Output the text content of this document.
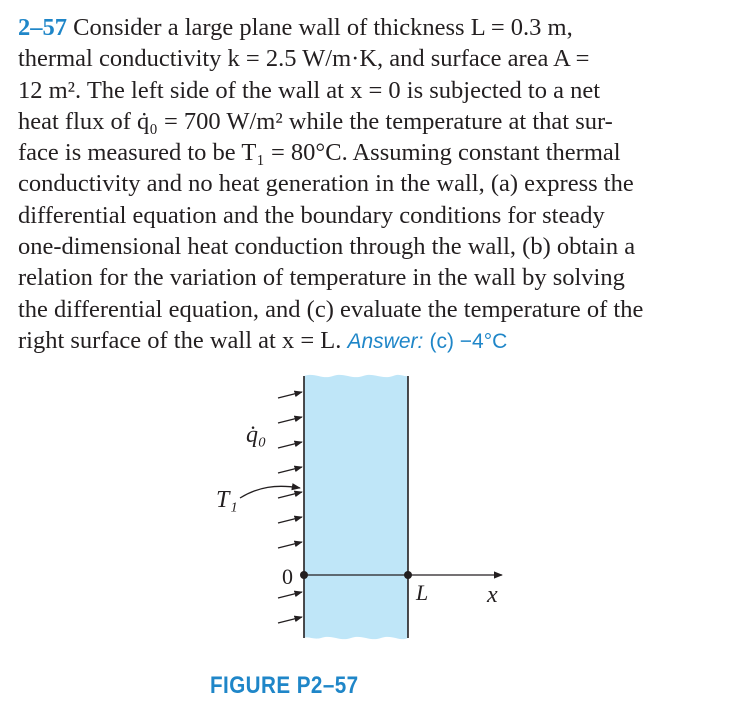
2–57 Consider a large plane wall of thickness L = 0.3 m,
thermal conductivity k = 2.5 W/m·K, and surface area A =
12 m². The left side of the wall at x = 0 is subjected to a net
heat flux of q̇₀ = 700 W/m² while the temperature at that sur-
face is measured to be T₁ = 80°C. Assuming constant thermal
conductivity and no heat generation in the wall, (a) express the
differential equation and the boundary conditions for steady
one-dimensional heat conduction through the wall, (b) obtain a
relation for the variation of temperature in the wall by solving
the differential equation, and (c) evaluate the temperature of the
right surface of the wall at x = L. Answer: (c) −4°C
q̇₀
T₁
0
L x
FIGURE P2–57
